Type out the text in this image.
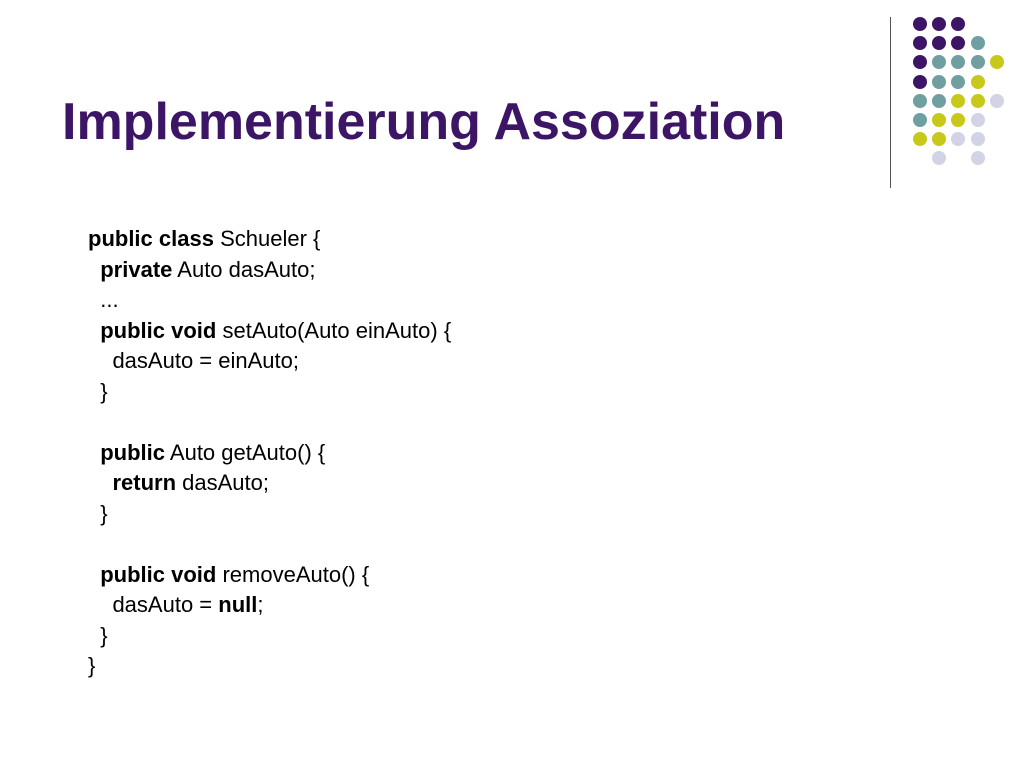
Implementierung Assoziation
public class Schueler {
private Auto dasAuto;
...
public void setAuto(Auto einAuto) {
dasAuto = einAuto;
}
public Auto getAuto() {
return dasAuto;
}
public void removeAuto() {
dasAuto = null;
}
}
